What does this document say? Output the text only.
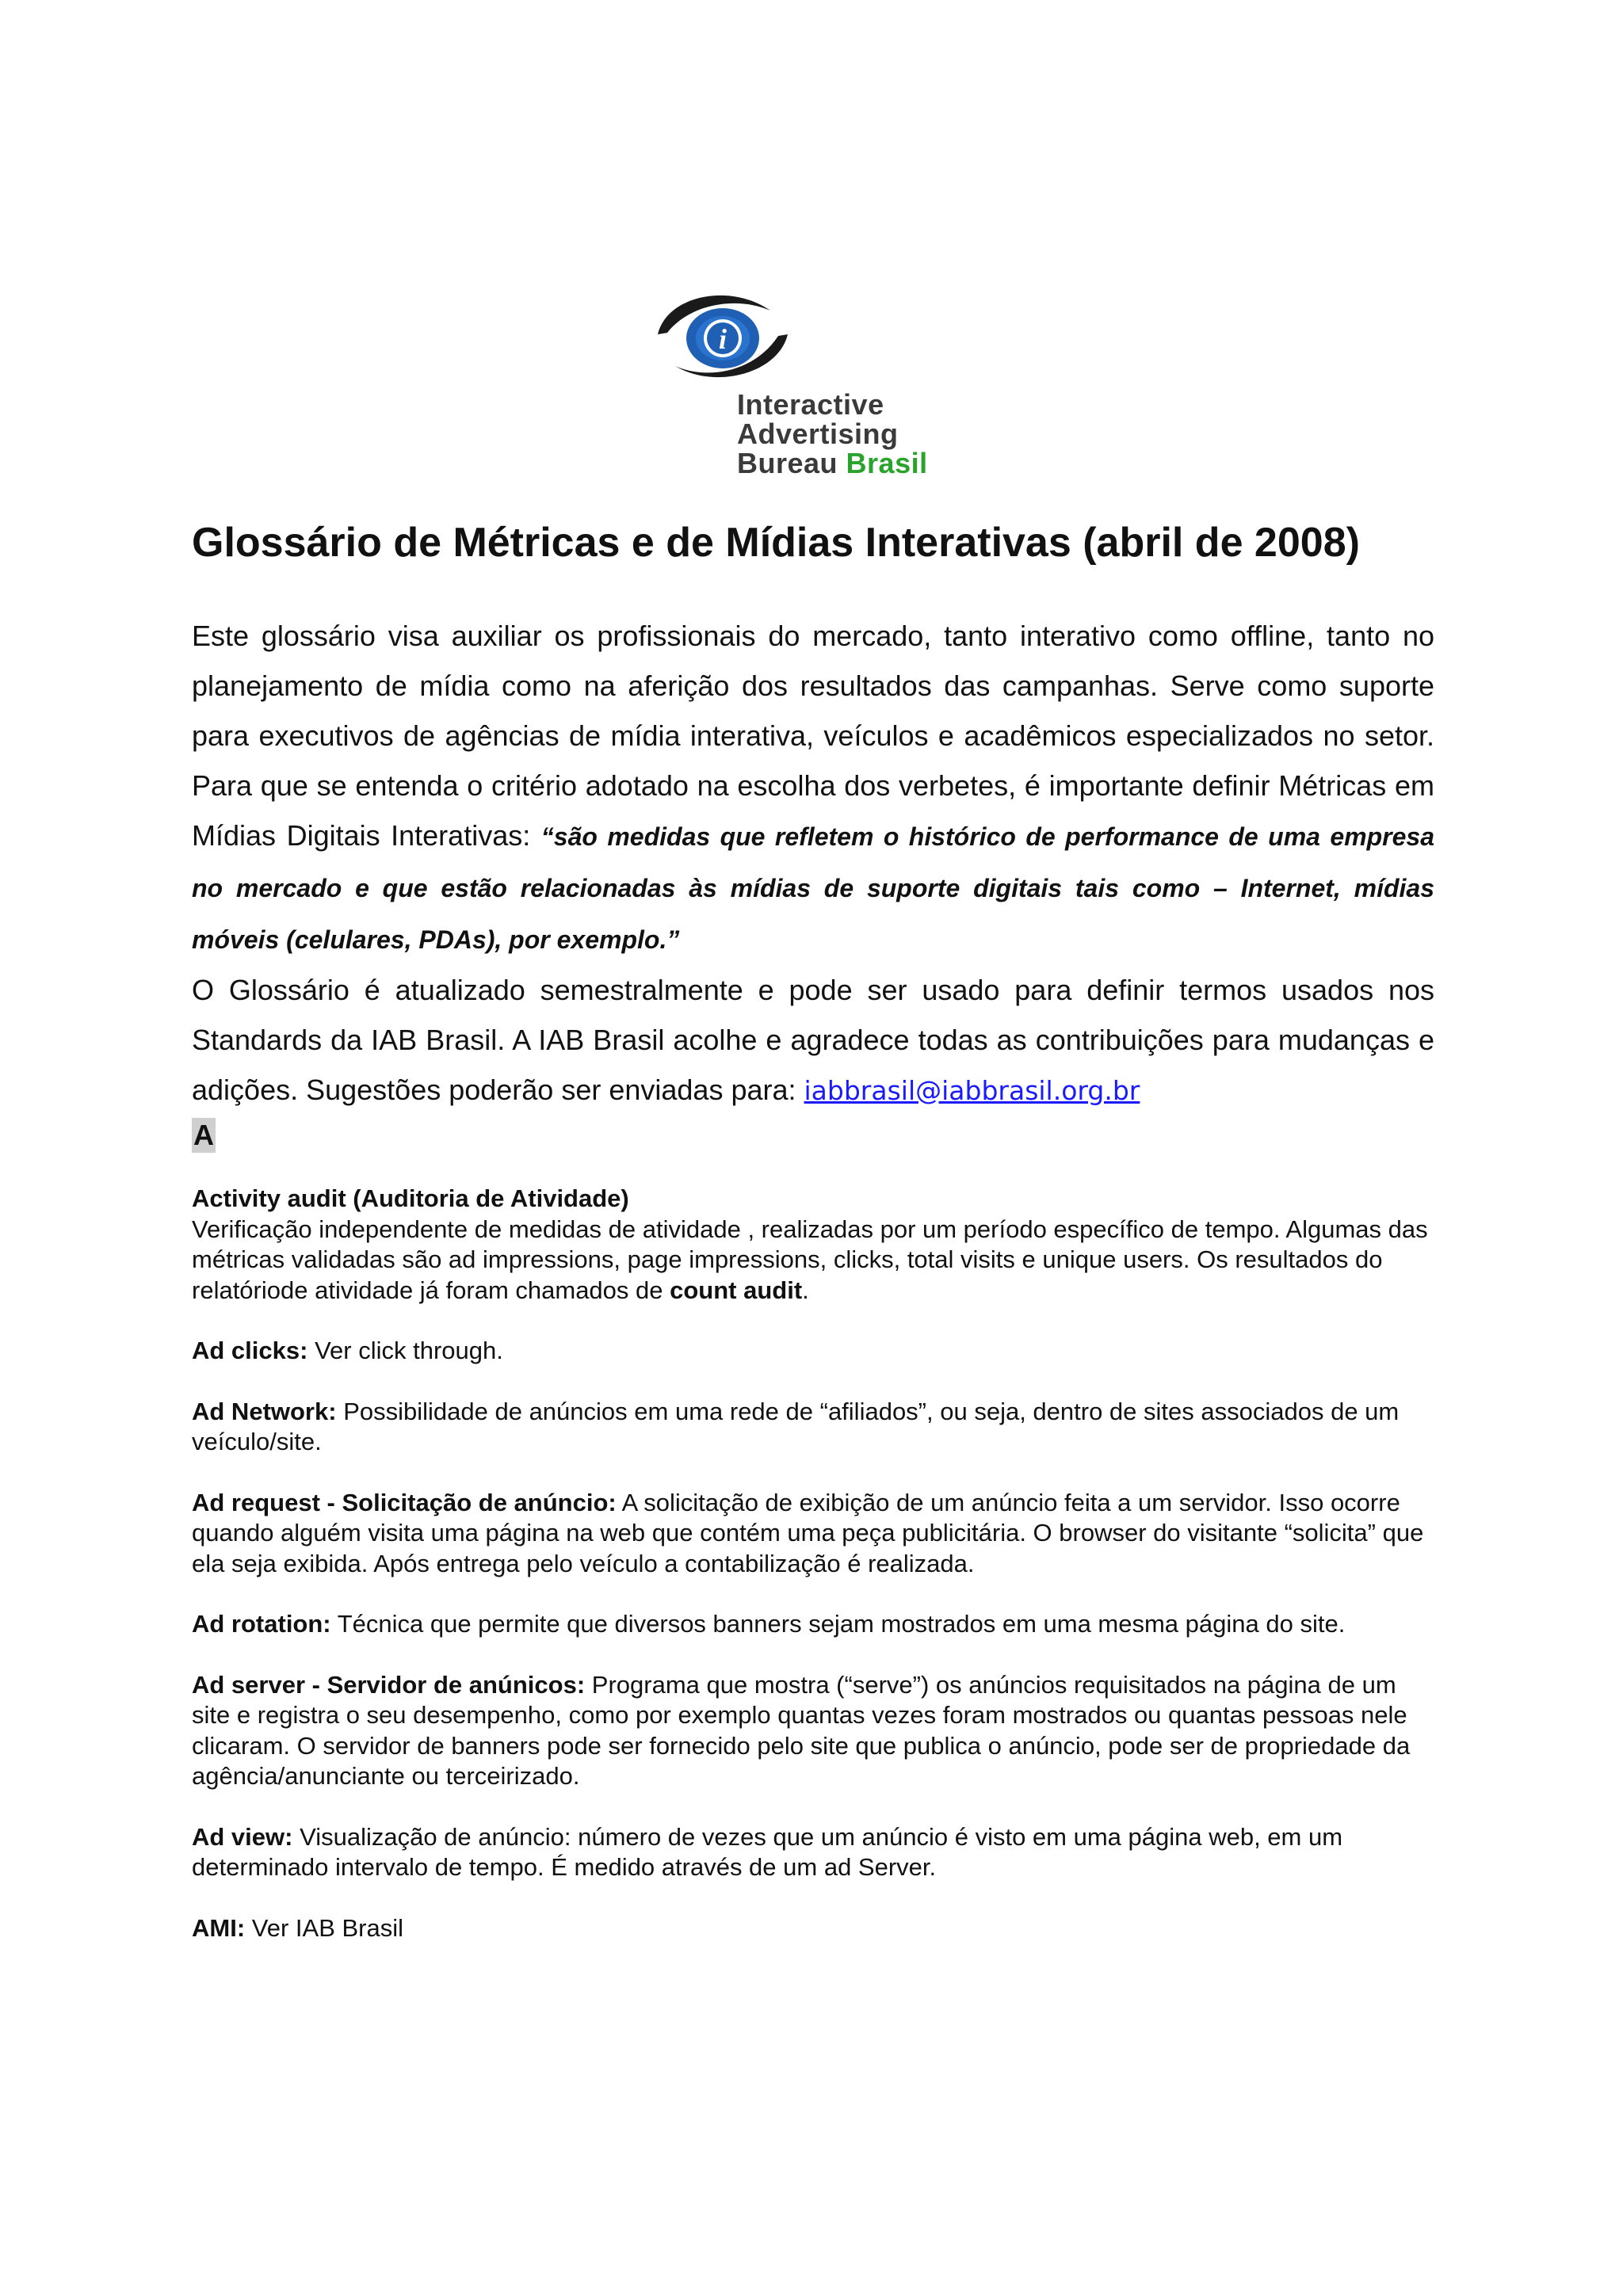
i
Interactive
Advertising
Bureau Brasil
Glossário de Métricas e de Mídias Interativas (abril de 2008)

Este glossário visa auxiliar os profissionais do mercado, tanto interativo como offline, tanto no planejamento de mídia como na aferição dos resultados das campanhas. Serve como suporte para executivos de agências de mídia interativa, veículos e acadêmicos especializados no setor. Para que se entenda o critério adotado na escolha dos verbetes, é importante definir Métricas em Mídias Digitais Interativas: “são medidas que refletem o histórico de performance de uma empresa no mercado e que estão relacionadas às mídias de suporte digitais tais como – Internet, mídias móveis (celulares, PDAs), por exemplo.”

O Glossário é atualizado semestralmente e pode ser usado para definir termos usados nos Standards da IAB Brasil. A IAB Brasil acolhe e agradece todas as contribuições para mudanças e adições. Sugestões poderão ser enviadas para: iabbrasil@iabbrasil.org.br

A
Activity audit (Auditoria de Atividade)
Verificação independente de medidas de atividade , realizadas por um período específico de tempo. Algumas das métricas validadas são ad impressions, page impressions, clicks, total visits e unique users. Os resultados do relatóriode atividade já foram chamados de count audit.
Ad clicks: Ver click through.
Ad Network: Possibilidade de anúncios em uma rede de “afiliados”, ou seja, dentro de sites associados de um veículo/site.
Ad request - Solicitação de anúncio: A solicitação de exibição de um anúncio feita a um servidor. Isso ocorre quando alguém visita uma página na web que contém uma peça publicitária. O browser do visitante “solicita” que ela seja exibida. Após entrega pelo veículo a contabilização é realizada.
Ad rotation: Técnica que permite que diversos banners sejam mostrados em uma mesma página do site.
Ad server - Servidor de anúnicos: Programa que mostra (“serve”) os anúncios requisitados na página de um site e registra o seu desempenho, como por exemplo quantas vezes foram mostrados ou quantas pessoas nele clicaram. O servidor de banners pode ser fornecido pelo site que publica o anúncio, pode ser de propriedade da agência/anunciante ou terceirizado.
Ad view: Visualização de anúncio: número de vezes que um anúncio é visto em uma página web, em um determinado intervalo de tempo. É medido através de um ad Server.
AMI: Ver IAB Brasil
